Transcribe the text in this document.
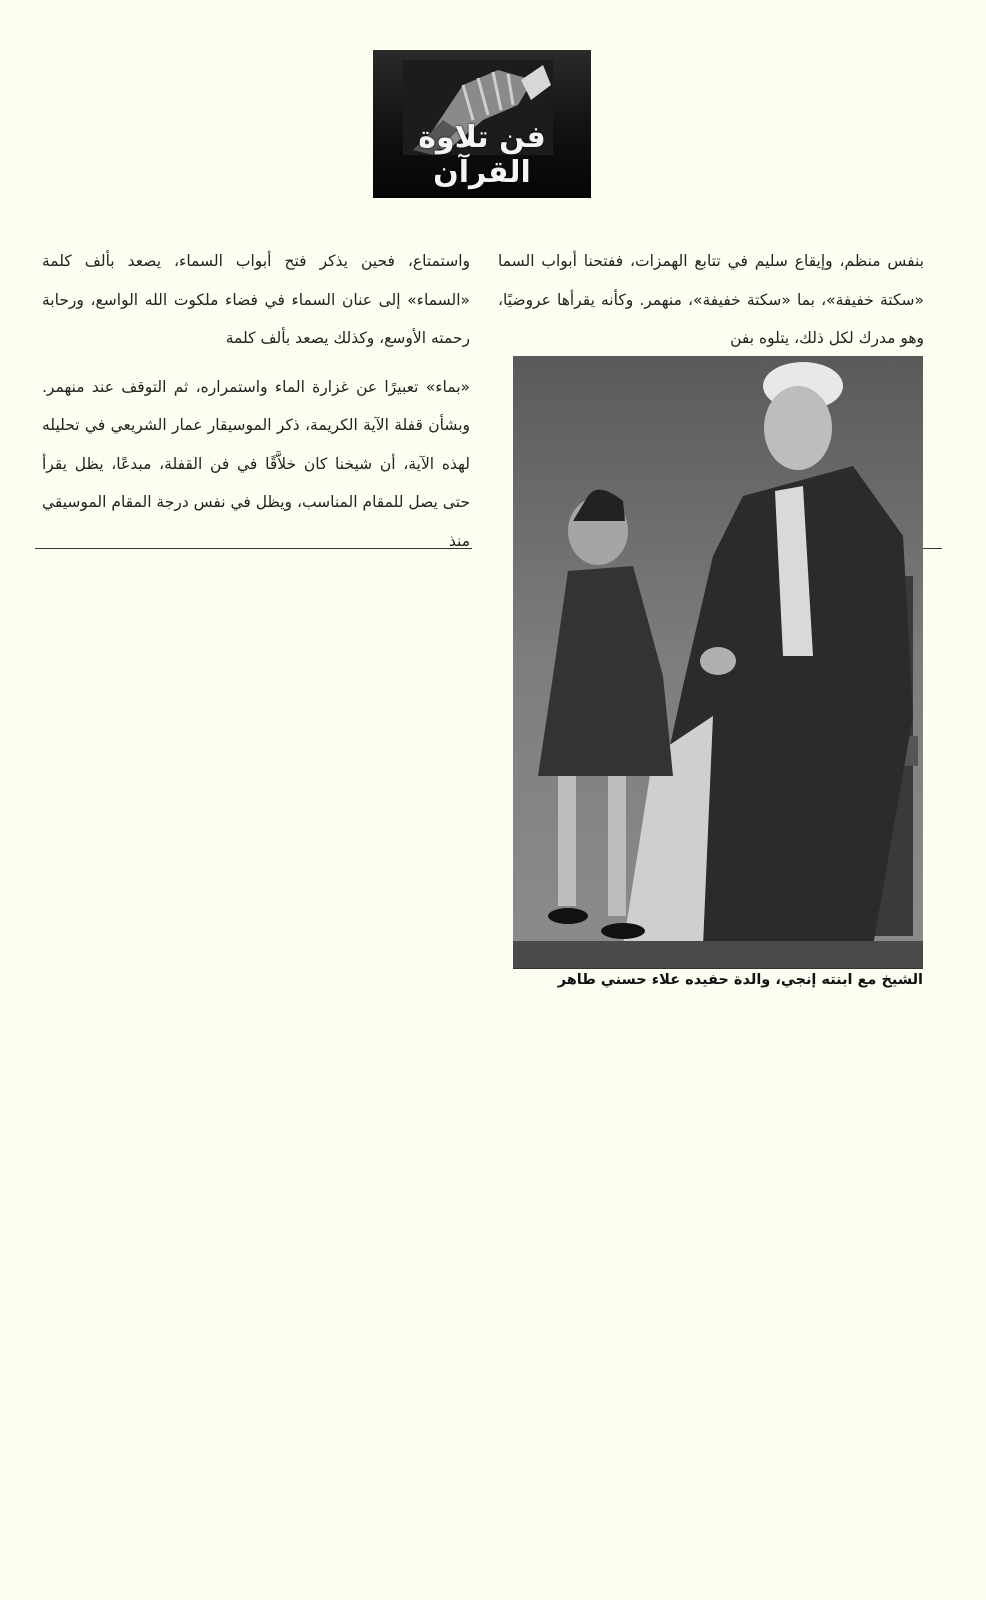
فن تلاوة القرآن

بنفس منظم، وإيقاع سليم في تتابع الهمزات، ففتحنا أبواب السما «سكتة خفيفة»، بما «سكتة خفيفة»، منهمر. وكأنه يقرأها عروضيًا، وهو مدرك لكل ذلك، يتلوه بفن

واستمتاع، فحين يذكر فتح أبواب السماء، يصعد بألف كلمة «السماء» إلى عنان السماء في فضاء ملكوت الله الواسع، ورحابة رحمته الأوسع، وكذلك يصعد بألف كلمة

«بماء» تعبيرًا عن غزارة الماء واستمراره، ثم التوقف عند منهمر. وبشأن قفلة الآية الكريمة، ذكر الموسيقار عمار الشريعي في تحليله لهذه الآية، أن شيخنا كان خلاَّقًا في فن القفلة، مبدعًا، يظل يقرأ حتى يصل للمقام المناسب، ويظل في نفس درجة المقام الموسيقي منذ

الشيخ مع ابنته إنجي، والدة حفيده علاء حسني طاهر
